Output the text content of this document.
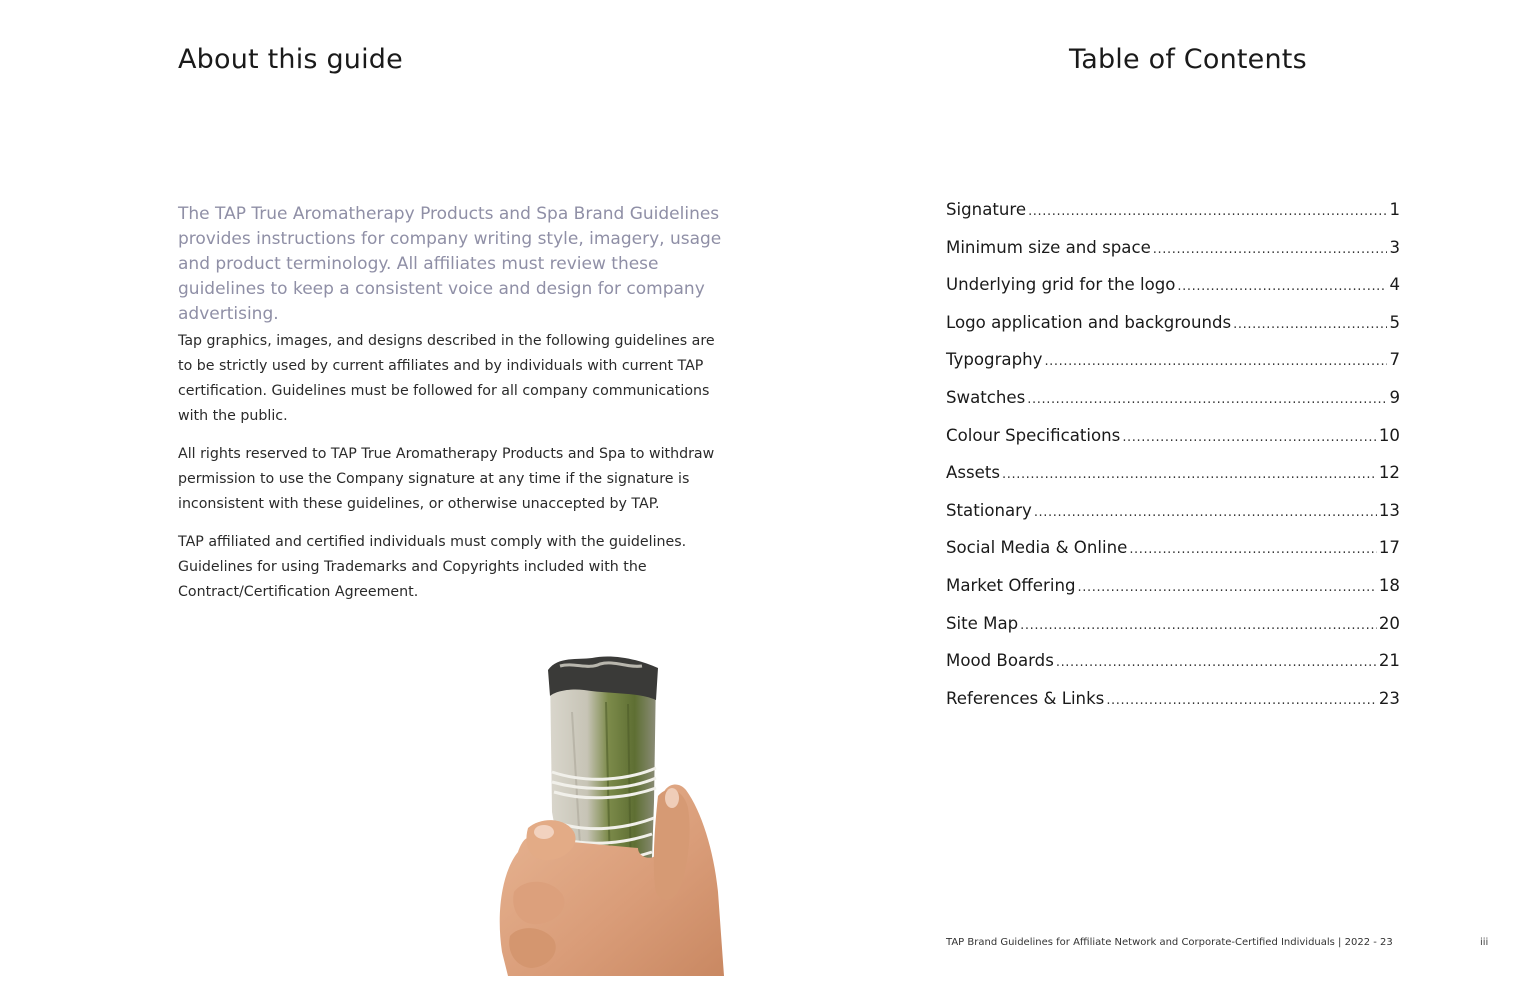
About this guide

The TAP True Aromatherapy Products and Spa Brand Guidelines provides instructions for company writing style, imagery, usage and product terminology. All affiliates must review these guidelines to keep a consistent voice and design for company advertising.

Tap graphics, images, and designs described in the following guidelines are to be strictly used by current affiliates and by individuals with current TAP certification. Guidelines must be followed for all company communications with the public.

All rights reserved to TAP True Aromatherapy Products and Spa to withdraw permission to use the Company signature at any time if the signature is inconsistent with these guidelines, or otherwise unaccepted by TAP.

TAP affiliated and certified individuals must comply with the guidelines. Guidelines for using Trademarks and Copyrights included with the Contract/Certification Agreement.

Table of Contents
Signature .....	1
Minimum size and space .....	3
Underlying grid for the logo .....	4
Logo application and backgrounds .....	5
Typography .....	7
Swatches .....	9
Colour Specifications .....	10
Assets .....	12
Stationary .....	13
Social Media & Online .....	17
Market Offering .....	18
Site Map .....	20
Mood Boards .....	21
References & Links .....	23
TAP Brand Guidelines for Affiliate Network and Corporate-Certified Individuals | 2022 - 23	iii
